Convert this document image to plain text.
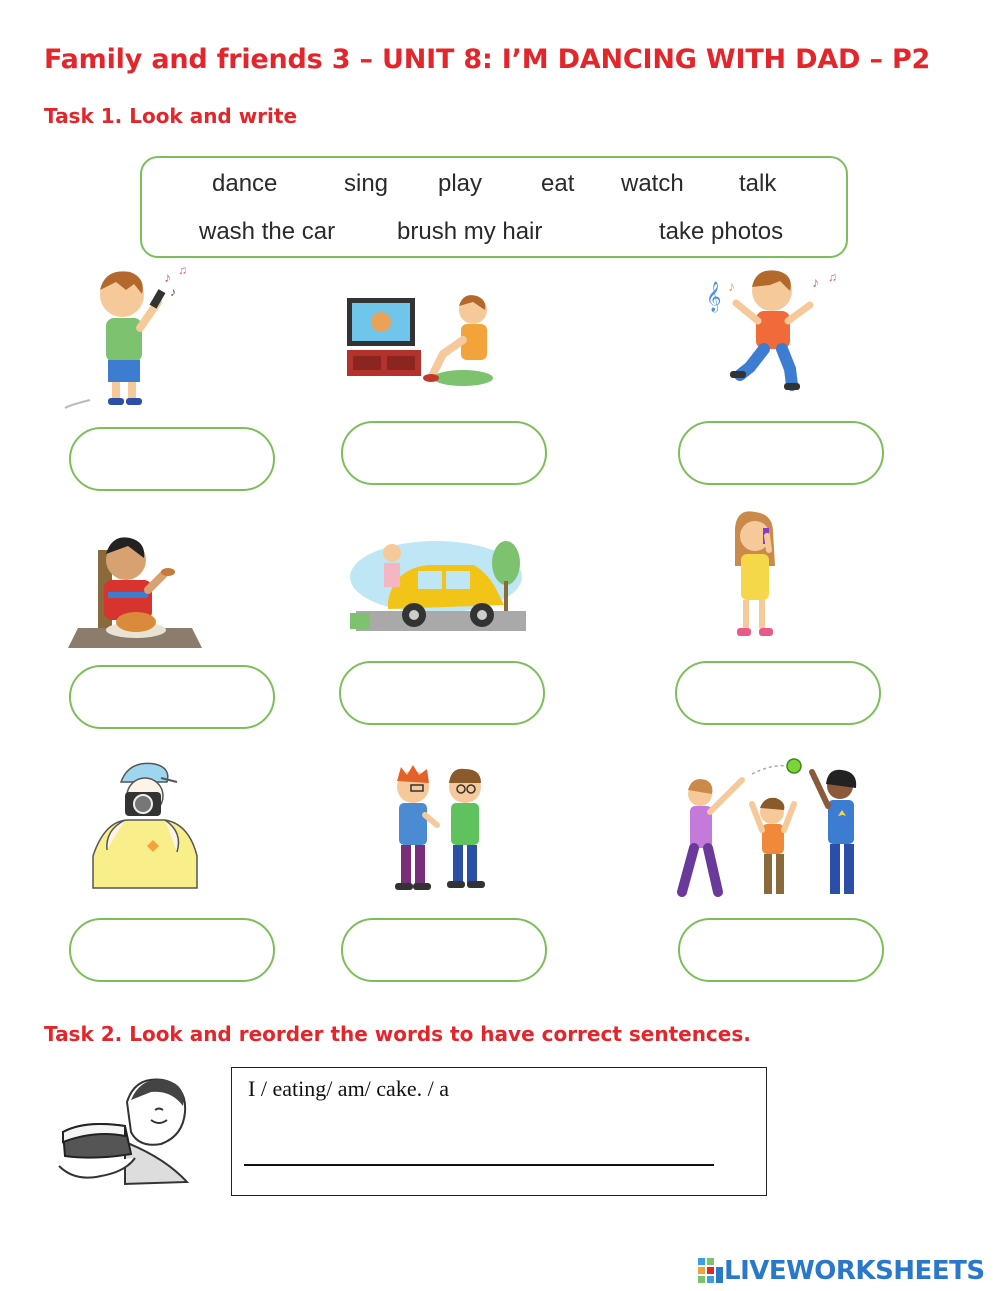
Family and friends 3 – UNIT 8: I’M DANCING WITH DAD – P2
Task 1. Look and write
dance	sing play eat watch talk
wash the car	brush my hair	take photos
♪ ♫
♪	𝄞 ♪	♪ ♫
Task 2. Look and reorder the words to have correct sentences.
I / eating/ am/ cake. / a
LIVEWORKSHEETS
